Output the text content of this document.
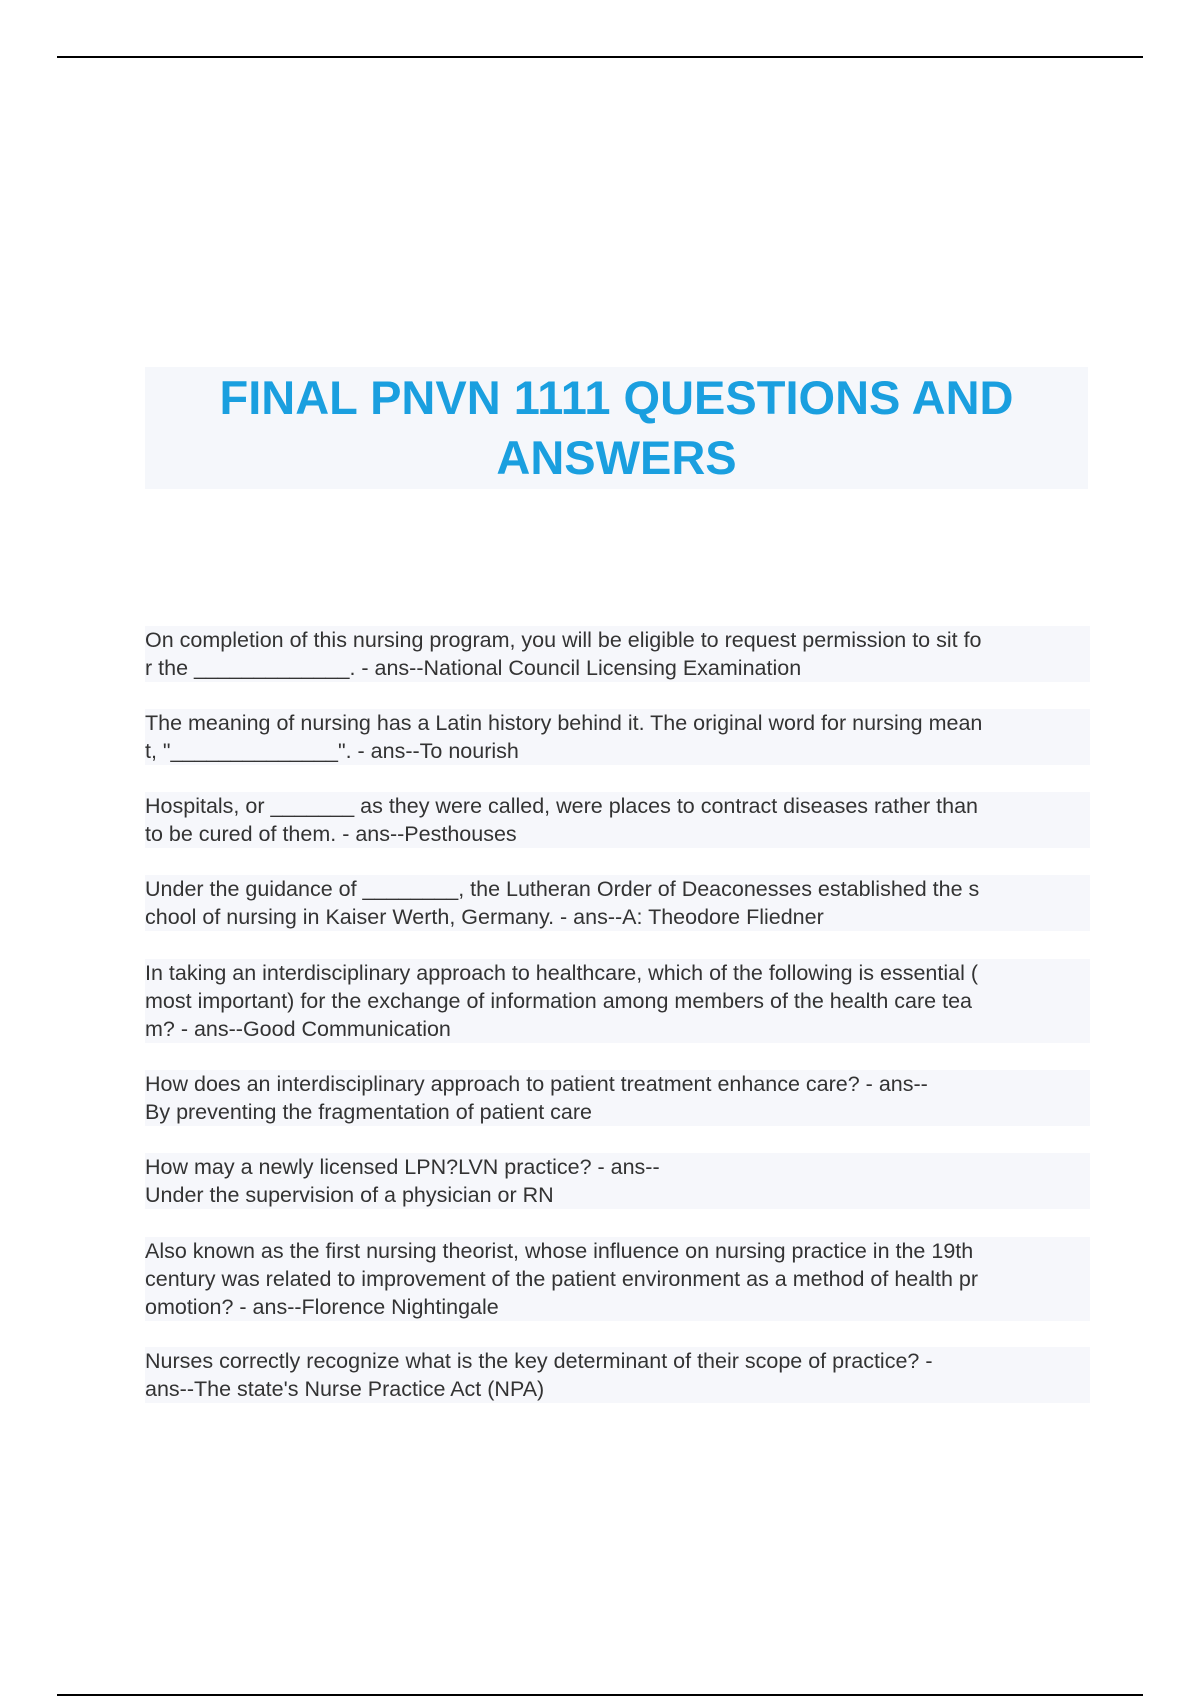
FINAL PNVN 1111 QUESTIONS AND
ANSWERS
On completion of this nursing program, you will be eligible to request permission to sit fo
r the _____________. - ans--National Council Licensing Examination
The meaning of nursing has a Latin history behind it. The original word for nursing mean
t, "______________". - ans--To nourish
Hospitals, or _______ as they were called, were places to contract diseases rather than
to be cured of them. - ans--Pesthouses
Under the guidance of ________, the Lutheran Order of Deaconesses established the s
chool of nursing in Kaiser Werth, Germany. - ans--A: Theodore Fliedner
In taking an interdisciplinary approach to healthcare, which of the following is essential (
most important) for the exchange of information among members of the health care tea
m? - ans--Good Communication
How does an interdisciplinary approach to patient treatment enhance care? - ans--
By preventing the fragmentation of patient care
How may a newly licensed LPN?LVN practice? - ans--
Under the supervision of a physician or RN
Also known as the first nursing theorist, whose influence on nursing practice in the 19th
century was related to improvement of the patient environment as a method of health pr
omotion? - ans--Florence Nightingale
Nurses correctly recognize what is the key determinant of their scope of practice? -
ans--The state's Nurse Practice Act (NPA)
